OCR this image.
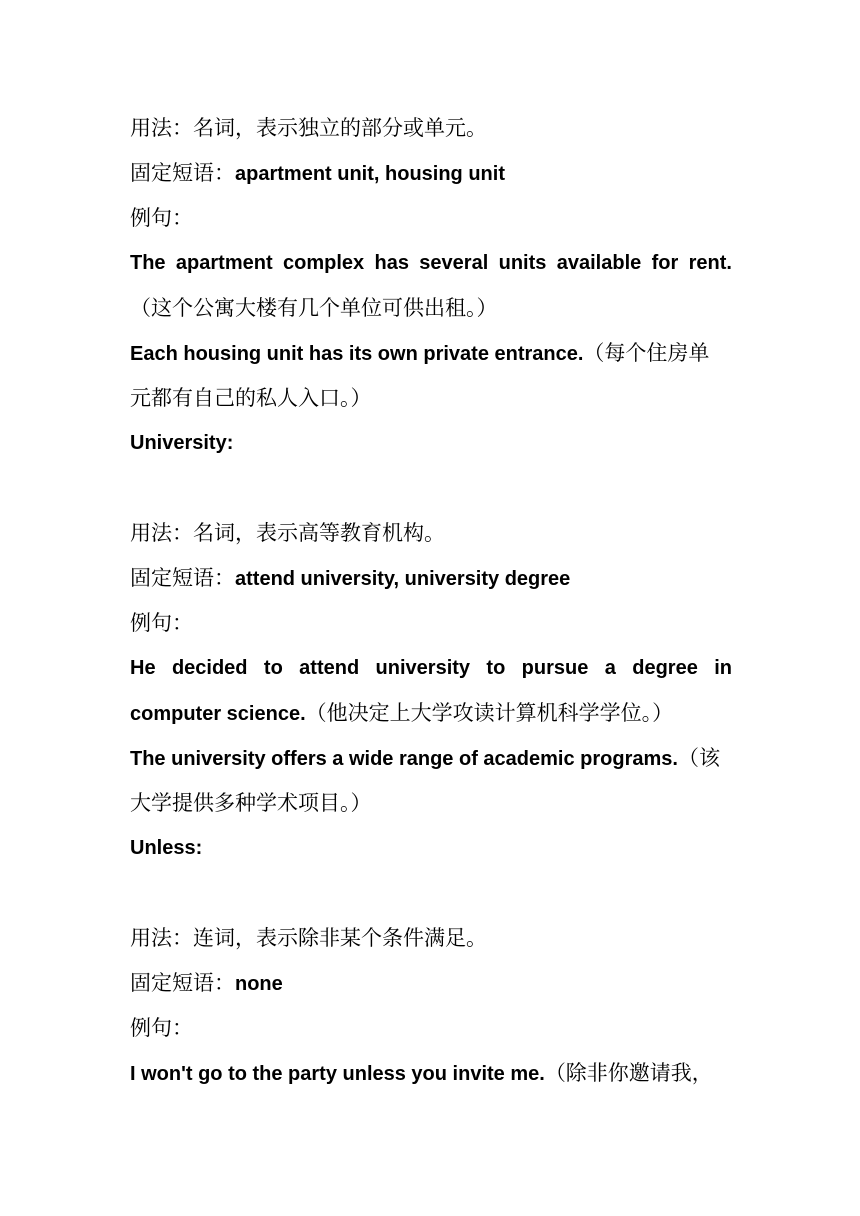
用法：名词，表示独立的部分或单元。
固定短语：apartment unit, housing unit
例句：
The apartment complex has several units available for rent.
（这个公寓大楼有几个单位可供出租。）
Each housing unit has its own private entrance.（每个住房单
元都有自己的私人入口。）
University:
用法：名词，表示高等教育机构。
固定短语：attend university, university degree
例句：
He decided to attend university to pursue a degree in
computer science.（他决定上大学攻读计算机科学学位。）
The university offers a wide range of academic programs.（该
大学提供多种学术项目。）
Unless:
用法：连词，表示除非某个条件满足。
固定短语：none
例句：
I won't go to the party unless you invite me.（除非你邀请我，
